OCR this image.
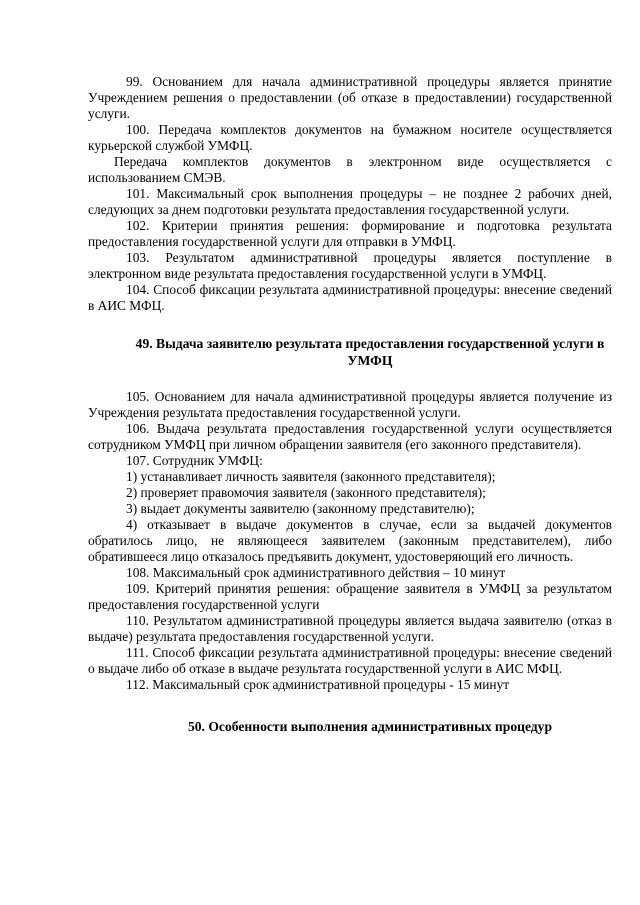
99. Основанием для начала административной процедуры является принятие Учреждением решения о предоставлении (об отказе в предоставлении) государственной услуги.

100. Передача комплектов документов на бумажном носителе осуществляется курьерской службой УМФЦ.

Передача комплектов документов в электронном виде осуществляется с использованием СМЭВ.

101. Максимальный срок выполнения процедуры – не позднее 2 рабочих дней, следующих за днем подготовки результата предоставления государственной услуги.

102. Критерии принятия решения: формирование и подготовка результата предоставления государственной услуги для отправки в УМФЦ.

103. Результатом административной процедуры является поступление в электронном виде результата предоставления государственной услуги в УМФЦ.

104. Способ фиксации результата административной процедуры: внесение сведений в АИС МФЦ.

49. Выдача заявителю результата предоставления государственной услуги в УМФЦ

105. Основанием для начала административной процедуры является получение из Учреждения результата предоставления государственной услуги.

106. Выдача результата предоставления государственной услуги осуществляется сотрудником УМФЦ при личном обращении заявителя (его законного представителя).

107. Сотрудник УМФЦ:

1) устанавливает личность заявителя (законного представителя);

2) проверяет правомочия заявителя (законного представителя);

3) выдает документы заявителю (законному представителю);

4) отказывает в выдаче документов в случае, если за выдачей документов обратилось лицо, не являющееся заявителем (законным представителем), либо обратившееся лицо отказалось предъявить документ, удостоверяющий его личность.

108. Максимальный срок административного действия – 10 минут

109. Критерий принятия решения: обращение заявителя в УМФЦ за результатом предоставления государственной услуги

110. Результатом административной процедуры является выдача заявителю (отказ в выдаче) результата предоставления государственной услуги.

111. Способ фиксации результата административной процедуры: внесение сведений о выдаче либо об отказе в выдаче результата государственной услуги в АИС МФЦ.

112. Максимальный срок административной процедуры - 15 минут

50. Особенности выполнения административных процедур
